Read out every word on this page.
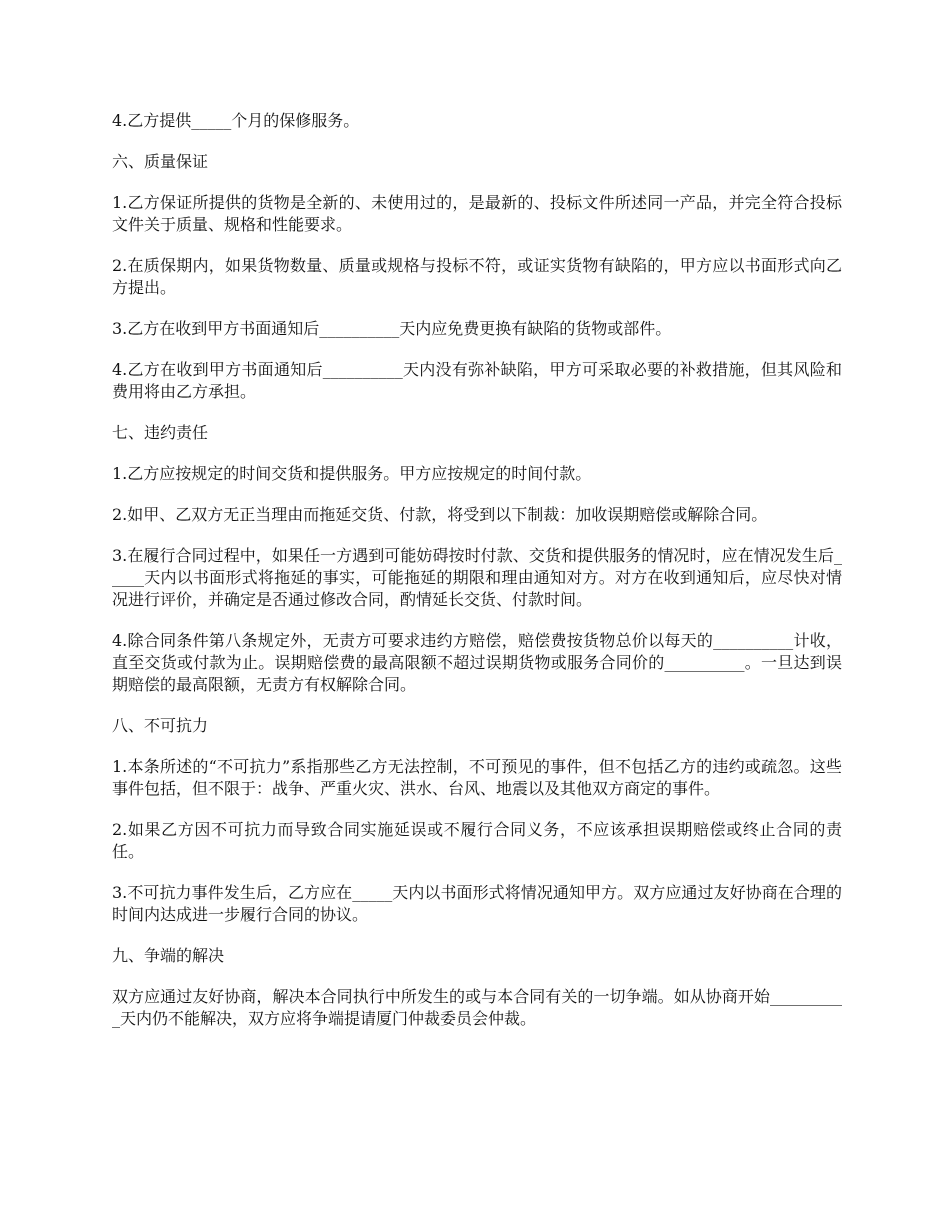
4.乙方提供_____个月的保修服务。

六、质量保证

1.乙方保证所提供的货物是全新的、未使用过的，是最新的、投标文件所述同一产品，并完全符合投标文件关于质量、规格和性能要求。

2.在质保期内，如果货物数量、质量或规格与投标不符，或证实货物有缺陷的，甲方应以书面形式向乙方提出。

3.乙方在收到甲方书面通知后__________天内应免费更换有缺陷的货物或部件。

4.乙方在收到甲方书面通知后__________天内没有弥补缺陷，甲方可采取必要的补救措施，但其风险和费用将由乙方承担。

七、违约责任

1.乙方应按规定的时间交货和提供服务。甲方应按规定的时间付款。

2.如甲、乙双方无正当理由而拖延交货、付款，将受到以下制裁：加收误期赔偿或解除合同。

3.在履行合同过程中，如果任一方遇到可能妨碍按时付款、交货和提供服务的情况时，应在情况发生后_____天内以书面形式将拖延的事实，可能拖延的期限和理由通知对方。对方在收到通知后，应尽快对情况进行评价，并确定是否通过修改合同，酌情延长交货、付款时间。

4.除合同条件第八条规定外，无责方可要求违约方赔偿，赔偿费按货物总价以每天的__________计收，直至交货或付款为止。误期赔偿费的最高限额不超过误期货物或服务合同价的__________。一旦达到误期赔偿的最高限额，无责方有权解除合同。

八、不可抗力

1.本条所述的“不可抗力”系指那些乙方无法控制，不可预见的事件，但不包括乙方的违约或疏忽。这些事件包括，但不限于：战争、严重火灾、洪水、台风、地震以及其他双方商定的事件。

2.如果乙方因不可抗力而导致合同实施延误或不履行合同义务，不应该承担误期赔偿或终止合同的责任。

3.不可抗力事件发生后，乙方应在_____天内以书面形式将情况通知甲方。双方应通过友好协商在合理的时间内达成进一步履行合同的协议。

九、争端的解决

双方应通过友好协商，解决本合同执行中所发生的或与本合同有关的一切争端。如从协商开始__________天内仍不能解决，双方应将争端提请厦门仲裁委员会仲裁。
